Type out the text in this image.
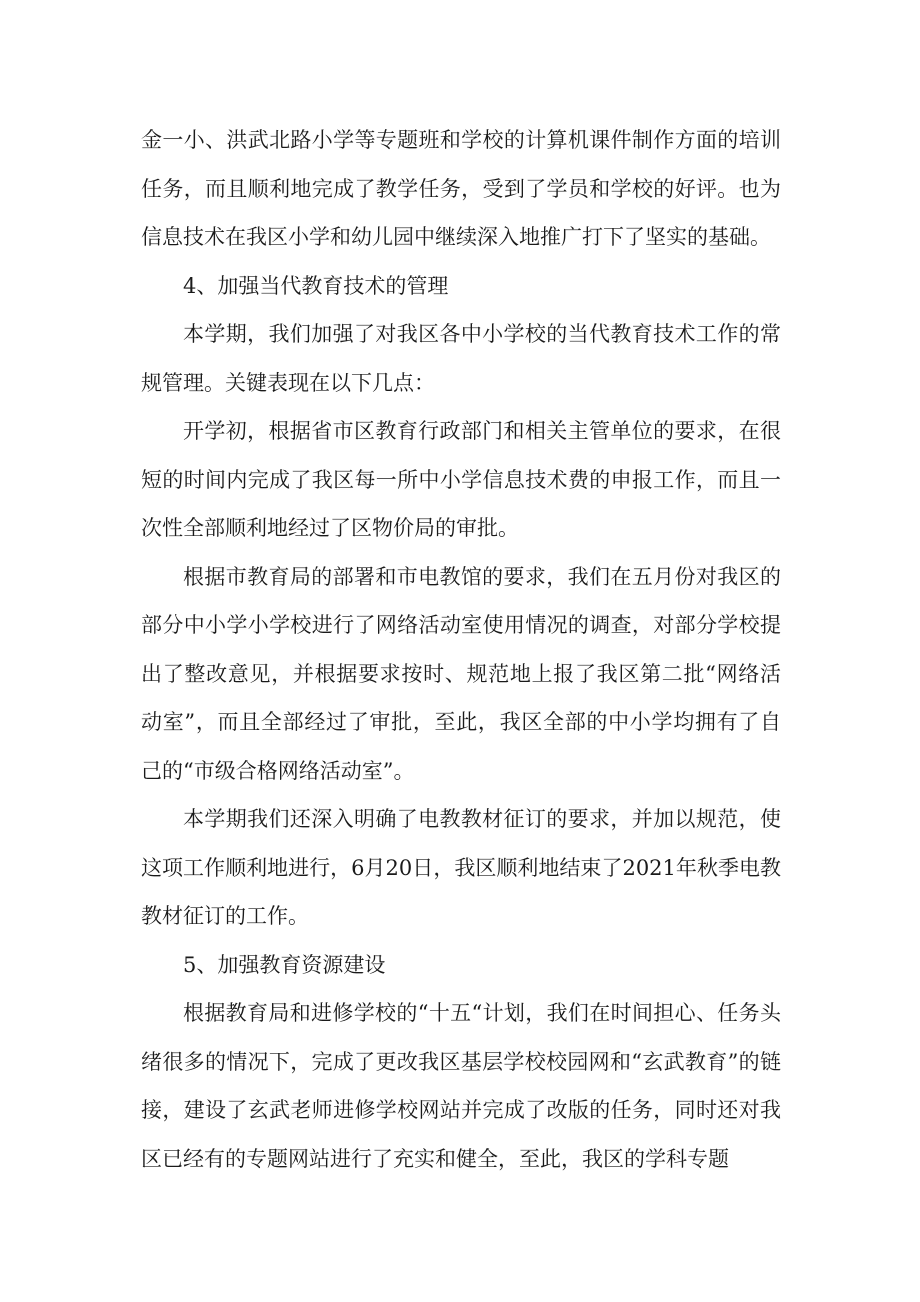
金一小、洪武北路小学等专题班和学校的计算机课件制作方面的培训任务，而且顺利地完成了教学任务，受到了学员和学校的好评。也为信息技术在我区小学和幼儿园中继续深入地推广打下了坚实的基础。

4、加强当代教育技术的管理

本学期，我们加强了对我区各中小学校的当代教育技术工作的常规管理。关键表现在以下几点：

开学初，根据省市区教育行政部门和相关主管单位的要求，在很短的时间内完成了我区每一所中小学信息技术费的申报工作，而且一次性全部顺利地经过了区物价局的审批。

根据市教育局的部署和市电教馆的要求，我们在五月份对我区的部分中小学小学校进行了网络活动室使用情况的调查，对部分学校提出了整改意见，并根据要求按时、规范地上报了我区第二批“网络活动室”，而且全部经过了审批，至此，我区全部的中小学均拥有了自己的“市级合格网络活动室”。

本学期我们还深入明确了电教教材征订的要求，并加以规范，使这项工作顺利地进行，6月20日，我区顺利地结束了2021年秋季电教教材征订的工作。

5、加强教育资源建设

根据教育局和进修学校的“十五“计划，我们在时间担心、任务头绪很多的情况下，完成了更改我区基层学校校园网和“玄武教育”的链接，建设了玄武老师进修学校网站并完成了改版的任务，同时还对我区已经有的专题网站进行了充实和健全，至此，我区的学科专题
